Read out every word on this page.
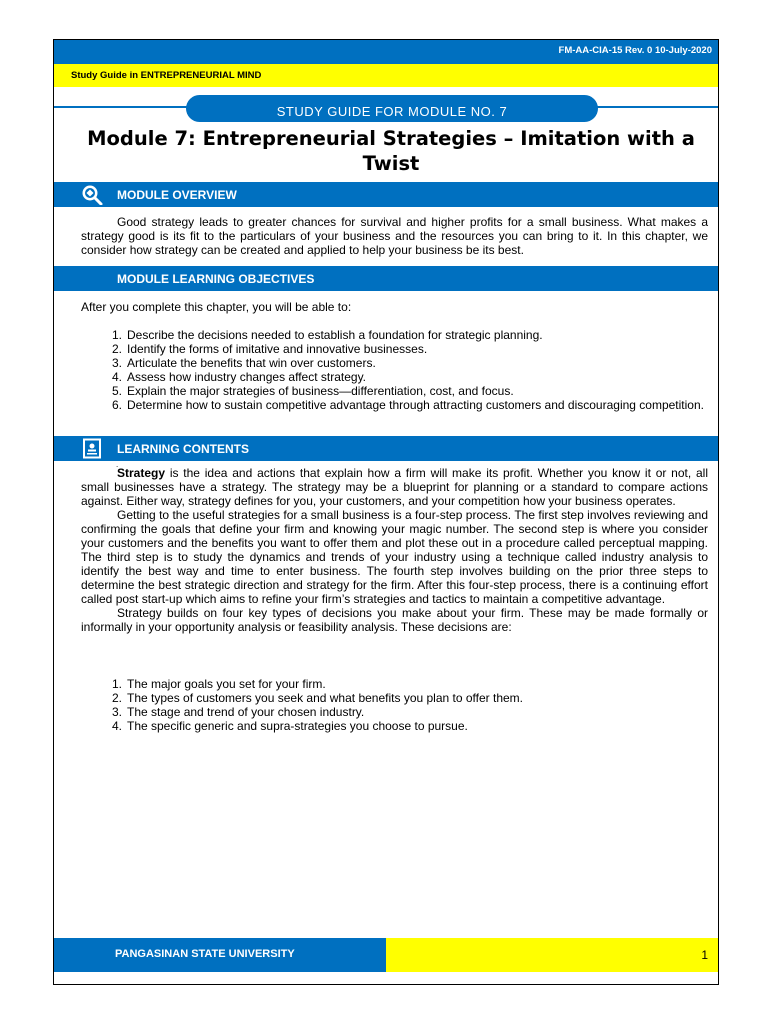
FM-AA-CIA-15 Rev. 0 10-July-2020
Study Guide in ENTREPRENEURIAL MIND
STUDY GUIDE FOR MODULE NO. 7
Module 7: Entrepreneurial Strategies – Imitation with a Twist
MODULE OVERVIEW

Good strategy leads to greater chances for survival and higher profits for a small business. What makes a strategy good is its fit to the particulars of your business and the resources you can bring to it. In this chapter, we consider how strategy can be created and applied to help your business be its best.

MODULE LEARNING OBJECTIVES
After you complete this chapter, you will be able to:
1. Describe the decisions needed to establish a foundation for strategic planning.
2. Identify the forms of imitative and innovative businesses.
3. Articulate the benefits that win over customers.
4. Assess how industry changes affect strategy.
5. Explain the major strategies of business—differentiation, cost, and focus.
6. Determine how to sustain competitive advantage through attracting customers and discouraging competition.
LEARNING CONTENTS
.

Strategy is the idea and actions that explain how a firm will make its profit. Whether you know it or not, all small businesses have a strategy. The strategy may be a blueprint for planning or a standard to compare actions against. Either way, strategy defines for you, your customers, and your competition how your business operates.

Getting to the useful strategies for a small business is a four-step process. The first step involves reviewing and confirming the goals that define your firm and knowing your magic number. The second step is where you consider your customers and the benefits you want to offer them and plot these out in a procedure called perceptual mapping. The third step is to study the dynamics and trends of your industry using a technique called industry analysis to identify the best way and time to enter business. The fourth step involves building on the prior three steps to determine the best strategic direction and strategy for the firm. After this four-step process, there is a continuing effort called post start-up which aims to refine your firm’s strategies and tactics to maintain a competitive advantage.

Strategy builds on four key types of decisions you make about your firm. These may be made formally or informally in your opportunity analysis or feasibility analysis. These decisions are:

1. The major goals you set for your firm.
2. The types of customers you seek and what benefits you plan to offer them.
3. The stage and trend of your chosen industry.
4. The specific generic and supra-strategies you choose to pursue.
PANGASINAN STATE UNIVERSITY	1
